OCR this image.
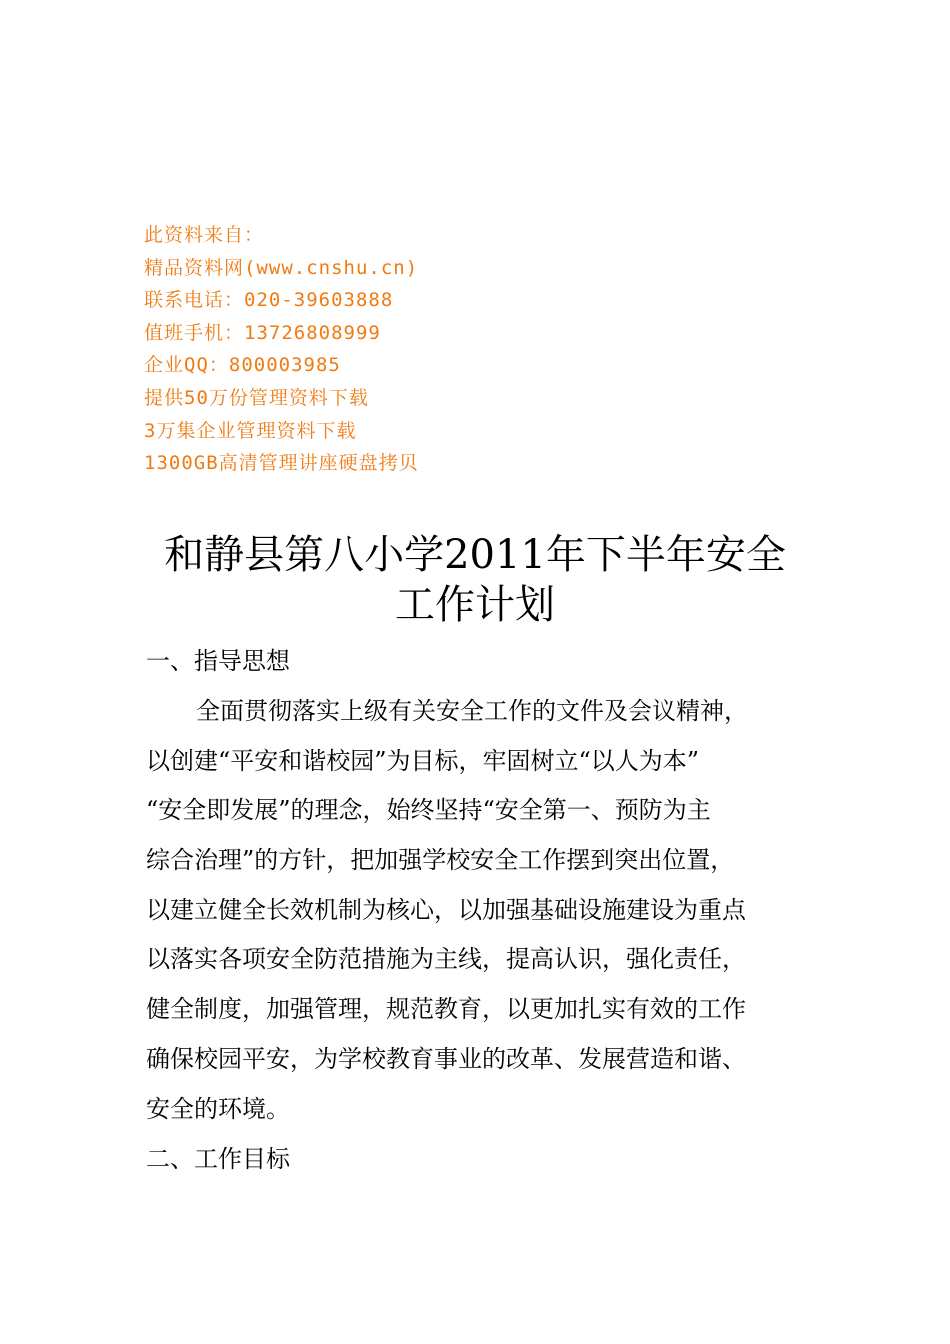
此资料来自：
精品资料网(www.cnshu.cn)
联系电话：020-39603888
值班手机：13726808999
企业QQ：800003985
提供50万份管理资料下载
3万集企业管理资料下载
1300GB高清管理讲座硬盘拷贝
和静县第八小学2011年下半年安全
工作计划
一、指导思想
全面贯彻落实上级有关安全工作的文件及会议精神，
以创建“平安和谐校园”为目标，牢固树立“以人为本”
“安全即发展”的理念，始终坚持“安全第一、预防为主
综合治理”的方针，把加强学校安全工作摆到突出位置，
以建立健全长效机制为核心，以加强基础设施建设为重点
以落实各项安全防范措施为主线，提高认识，强化责任，
健全制度，加强管理，规范教育，以更加扎实有效的工作
确保校园平安，为学校教育事业的改革、发展营造和谐、
安全的环境。
二、工作目标
